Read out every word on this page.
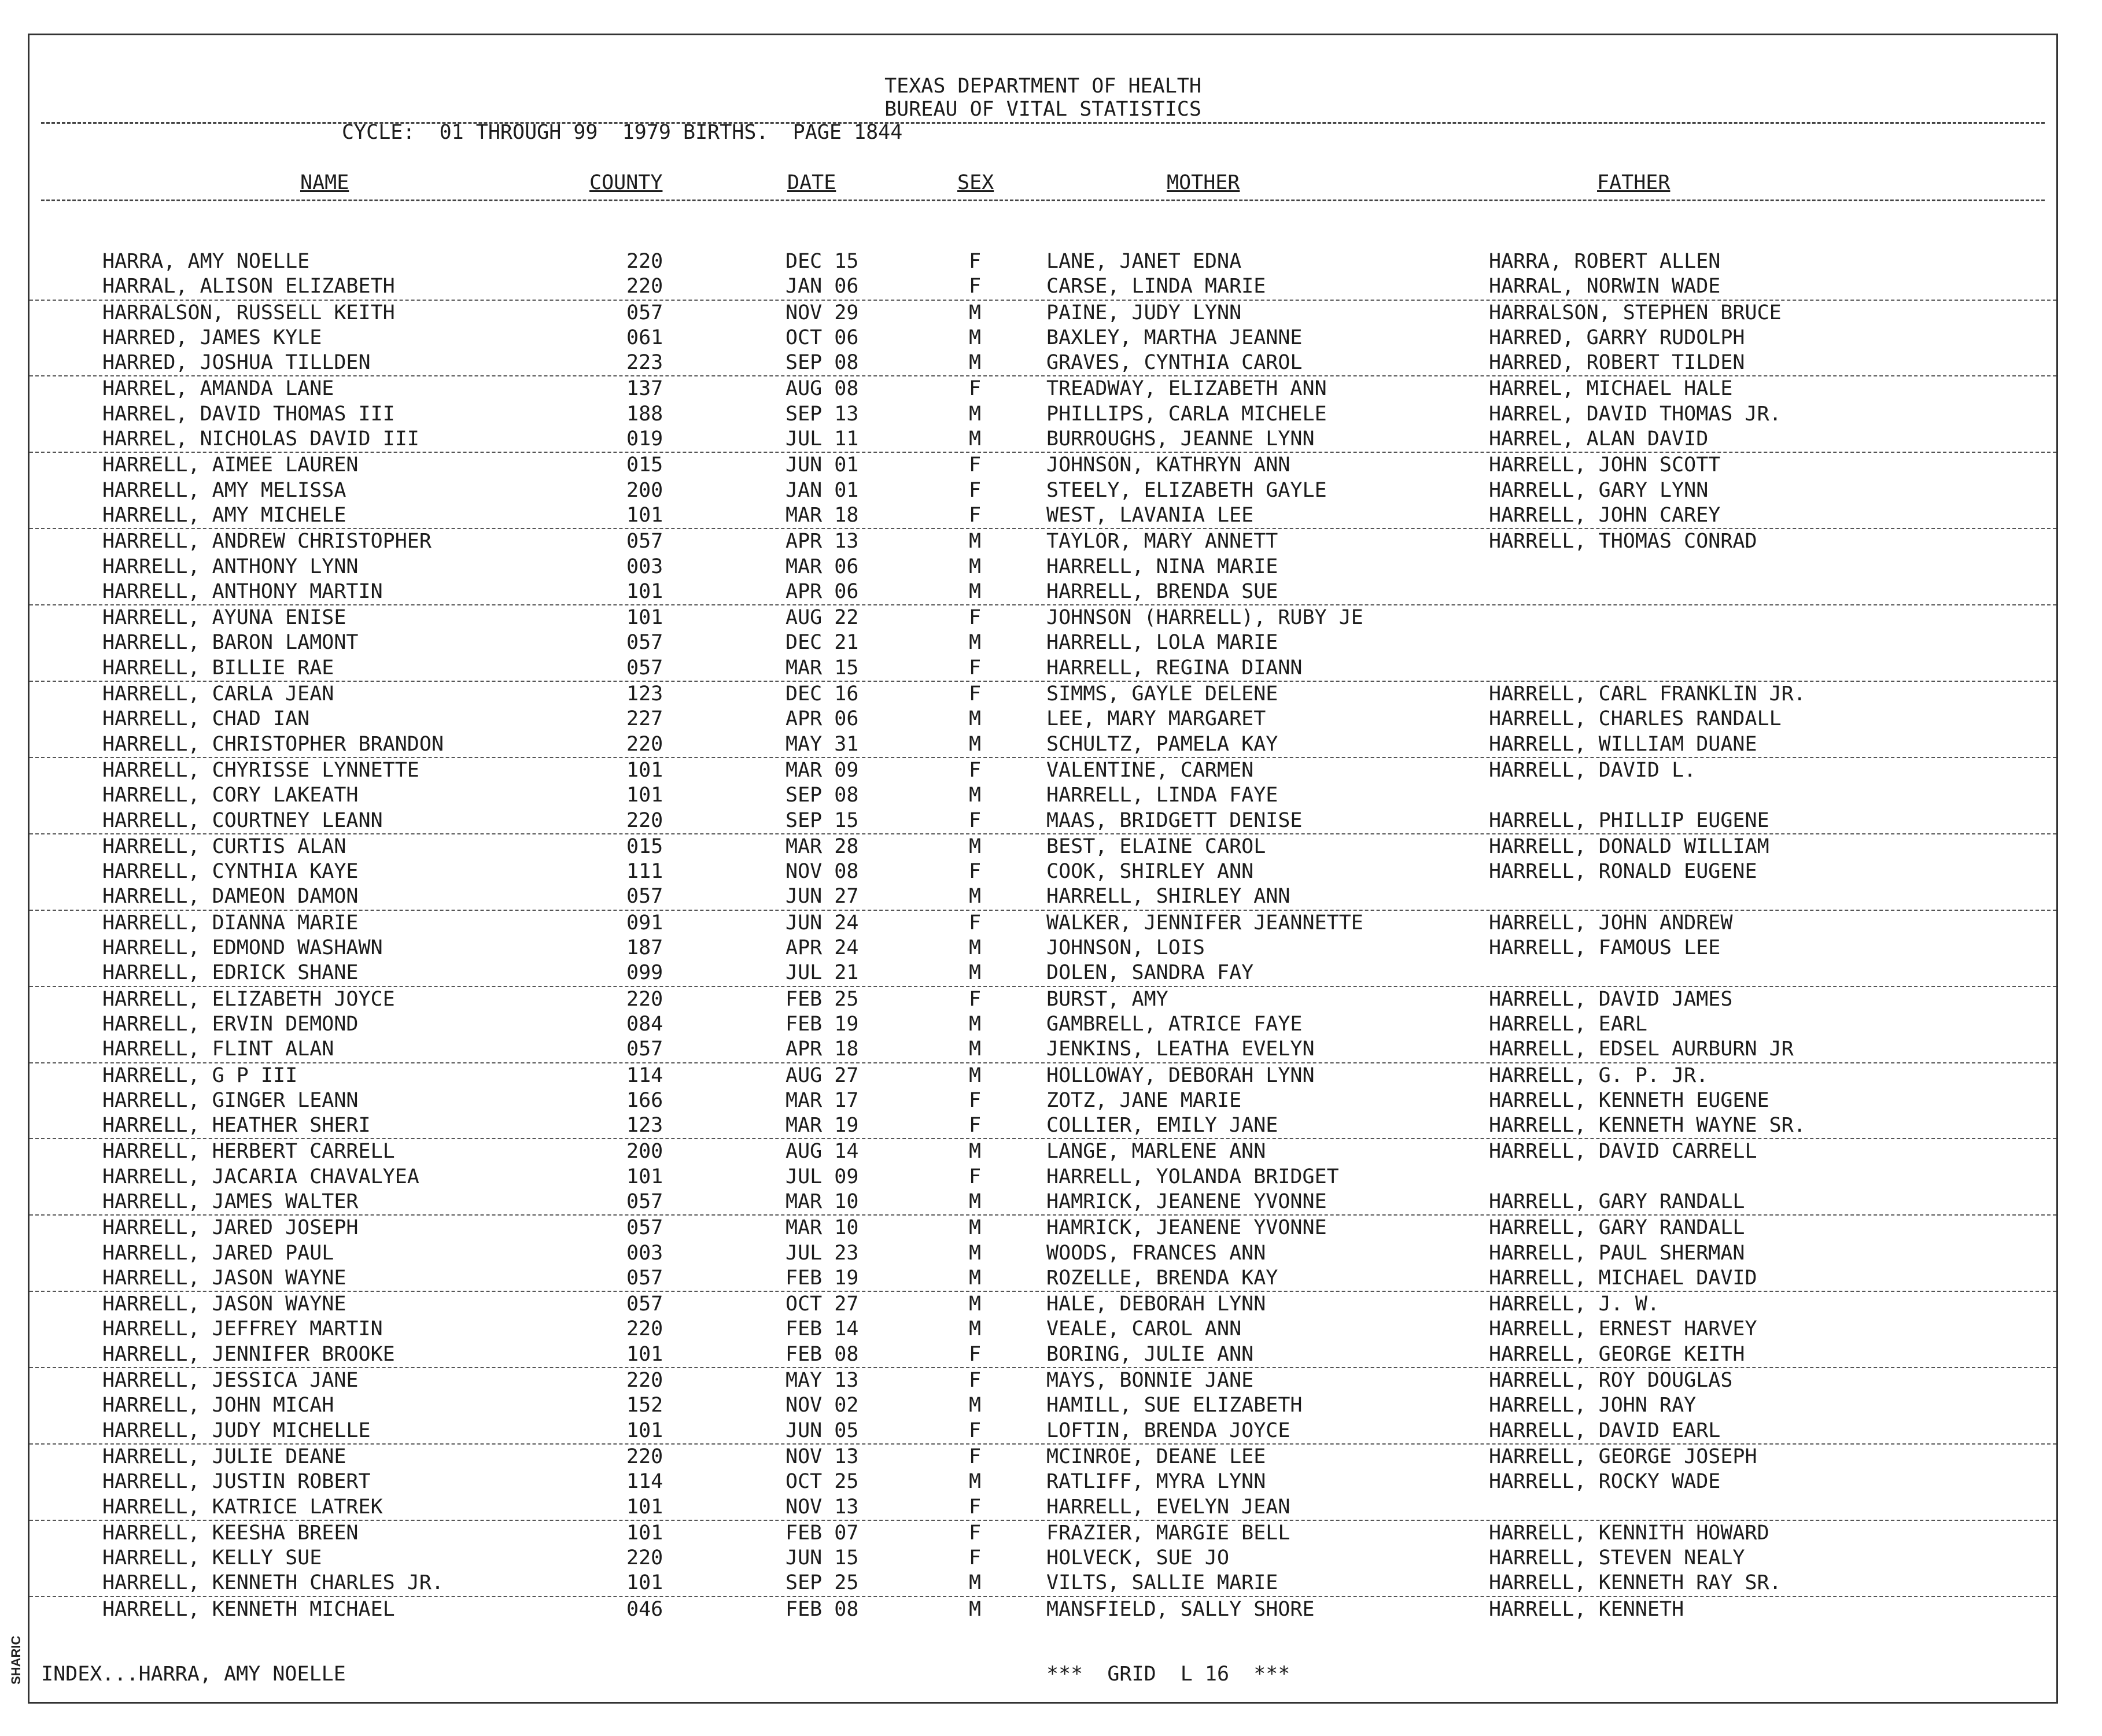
TEXAS DEPARTMENT OF HEALTH
BUREAU OF VITAL STATISTICS
CYCLE:  01 THROUGH 99  1979 BIRTHS.  PAGE 1844
NAME	COUNTY	DATE	SEX	MOTHER	FATHER
HARRA, AMY NOELLE	220	DEC 15	F	LANE, JANET EDNA	HARRA, ROBERT ALLEN
HARRAL, ALISON ELIZABETH	220	JAN 06	F	CARSE, LINDA MARIE	HARRAL, NORWIN WADE
HARRALSON, RUSSELL KEITH	057	NOV 29	M	PAINE, JUDY LYNN	HARRALSON, STEPHEN BRUCE
HARRED, JAMES KYLE	061	OCT 06	M	BAXLEY, MARTHA JEANNE	HARRED, GARRY RUDOLPH
HARRED, JOSHUA TILLDEN	223	SEP 08	M	GRAVES, CYNTHIA CAROL	HARRED, ROBERT TILDEN
HARREL, AMANDA LANE	137	AUG 08	F	TREADWAY, ELIZABETH ANN	HARREL, MICHAEL HALE
HARREL, DAVID THOMAS III	188	SEP 13	M	PHILLIPS, CARLA MICHELE	HARREL, DAVID THOMAS JR.
HARREL, NICHOLAS DAVID III	019	JUL 11	M	BURROUGHS, JEANNE LYNN	HARREL, ALAN DAVID
HARRELL, AIMEE LAUREN	015	JUN 01	F	JOHNSON, KATHRYN ANN	HARRELL, JOHN SCOTT
HARRELL, AMY MELISSA	200	JAN 01	F	STEELY, ELIZABETH GAYLE	HARRELL, GARY LYNN
HARRELL, AMY MICHELE	101	MAR 18	F	WEST, LAVANIA LEE	HARRELL, JOHN CAREY
HARRELL, ANDREW CHRISTOPHER	057	APR 13	M	TAYLOR, MARY ANNETT	HARRELL, THOMAS CONRAD
HARRELL, ANTHONY LYNN	003	MAR 06	M	HARRELL, NINA MARIE
HARRELL, ANTHONY MARTIN	101	APR 06	M	HARRELL, BRENDA SUE
HARRELL, AYUNA ENISE	101	AUG 22	F	JOHNSON (HARRELL), RUBY JE
HARRELL, BARON LAMONT	057	DEC 21	M	HARRELL, LOLA MARIE
HARRELL, BILLIE RAE	057	MAR 15	F	HARRELL, REGINA DIANN
HARRELL, CARLA JEAN	123	DEC 16	F	SIMMS, GAYLE DELENE	HARRELL, CARL FRANKLIN JR.
HARRELL, CHAD IAN	227	APR 06	M	LEE, MARY MARGARET	HARRELL, CHARLES RANDALL
HARRELL, CHRISTOPHER BRANDON	220	MAY 31	M	SCHULTZ, PAMELA KAY	HARRELL, WILLIAM DUANE
HARRELL, CHYRISSE LYNNETTE	101	MAR 09	F	VALENTINE, CARMEN	HARRELL, DAVID L.
HARRELL, CORY LAKEATH	101	SEP 08	M	HARRELL, LINDA FAYE
HARRELL, COURTNEY LEANN	220	SEP 15	F	MAAS, BRIDGETT DENISE	HARRELL, PHILLIP EUGENE
HARRELL, CURTIS ALAN	015	MAR 28	M	BEST, ELAINE CAROL	HARRELL, DONALD WILLIAM
HARRELL, CYNTHIA KAYE	111	NOV 08	F	COOK, SHIRLEY ANN	HARRELL, RONALD EUGENE
HARRELL, DAMEON DAMON	057	JUN 27	M	HARRELL, SHIRLEY ANN
HARRELL, DIANNA MARIE	091	JUN 24	F	WALKER, JENNIFER JEANNETTE	HARRELL, JOHN ANDREW
HARRELL, EDMOND WASHAWN	187	APR 24	M	JOHNSON, LOIS	HARRELL, FAMOUS LEE
HARRELL, EDRICK SHANE	099	JUL 21	M	DOLEN, SANDRA FAY
HARRELL, ELIZABETH JOYCE	220	FEB 25	F	BURST, AMY	HARRELL, DAVID JAMES
HARRELL, ERVIN DEMOND	084	FEB 19	M	GAMBRELL, ATRICE FAYE	HARRELL, EARL
HARRELL, FLINT ALAN	057	APR 18	M	JENKINS, LEATHA EVELYN	HARRELL, EDSEL AURBURN JR
HARRELL, G P III	114	AUG 27	M	HOLLOWAY, DEBORAH LYNN	HARRELL, G. P. JR.
HARRELL, GINGER LEANN	166	MAR 17	F	ZOTZ, JANE MARIE	HARRELL, KENNETH EUGENE
HARRELL, HEATHER SHERI	123	MAR 19	F	COLLIER, EMILY JANE	HARRELL, KENNETH WAYNE SR.
HARRELL, HERBERT CARRELL	200	AUG 14	M	LANGE, MARLENE ANN	HARRELL, DAVID CARRELL
HARRELL, JACARIA CHAVALYEA	101	JUL 09	F	HARRELL, YOLANDA BRIDGET
HARRELL, JAMES WALTER	057	MAR 10	M	HAMRICK, JEANENE YVONNE	HARRELL, GARY RANDALL
HARRELL, JARED JOSEPH	057	MAR 10	M	HAMRICK, JEANENE YVONNE	HARRELL, GARY RANDALL
HARRELL, JARED PAUL	003	JUL 23	M	WOODS, FRANCES ANN	HARRELL, PAUL SHERMAN
HARRELL, JASON WAYNE	057	FEB 19	M	ROZELLE, BRENDA KAY	HARRELL, MICHAEL DAVID
HARRELL, JASON WAYNE	057	OCT 27	M	HALE, DEBORAH LYNN	HARRELL, J. W.
HARRELL, JEFFREY MARTIN	220	FEB 14	M	VEALE, CAROL ANN	HARRELL, ERNEST HARVEY
HARRELL, JENNIFER BROOKE	101	FEB 08	F	BORING, JULIE ANN	HARRELL, GEORGE KEITH
HARRELL, JESSICA JANE	220	MAY 13	F	MAYS, BONNIE JANE	HARRELL, ROY DOUGLAS
HARRELL, JOHN MICAH	152	NOV 02	M	HAMILL, SUE ELIZABETH	HARRELL, JOHN RAY
HARRELL, JUDY MICHELLE	101	JUN 05	F	LOFTIN, BRENDA JOYCE	HARRELL, DAVID EARL
HARRELL, JULIE DEANE	220	NOV 13	F	MCINROE, DEANE LEE	HARRELL, GEORGE JOSEPH
HARRELL, JUSTIN ROBERT	114	OCT 25	M	RATLIFF, MYRA LYNN	HARRELL, ROCKY WADE
HARRELL, KATRICE LATREK	101	NOV 13	F	HARRELL, EVELYN JEAN
HARRELL, KEESHA BREEN	101	FEB 07	F	FRAZIER, MARGIE BELL	HARRELL, KENNITH HOWARD
HARRELL, KELLY SUE	220	JUN 15	F	HOLVECK, SUE JO	HARRELL, STEVEN NEALY
HARRELL, KENNETH CHARLES JR.	101	SEP 25	M	VILTS, SALLIE MARIE	HARRELL, KENNETH RAY SR.
HARRELL, KENNETH MICHAEL	046	FEB 08	M	MANSFIELD, SALLY SHORE	HARRELL, KENNETH
INDEX...HARRA, AMY NOELLE	***  GRID  L 16  ***
SHARIC
